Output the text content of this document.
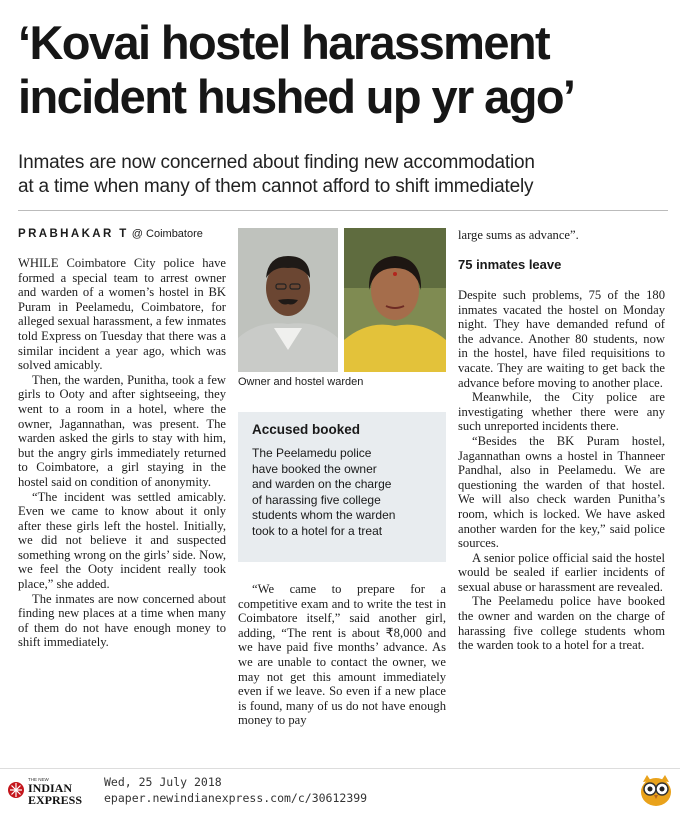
‘Kovai hostel harassment
incident hushed up yr ago’
Inmates are now concerned about finding new accommodation
at a time when many of them cannot afford to shift immediately
PRABHAKAR T @ Coimbatore

WHILE Coimbatore City police have formed a special team to arrest owner and warden of a women’s hostel in BK Puram in Peelamedu, Coimbatore, for alleged sexual harassment, a few inmates told Express on Tuesday that there was a similar incident a year ago, which was solved amicably.

Then, the warden, Punitha, took a few girls to Ooty and after sightseeing, they went to a room in a hotel, where the owner, Jagannathan, was present. The warden asked the girls to stay with him, but the angry girls immediately returned to Coimbatore, a girl staying in the hostel said on condition of anonymity.

“The incident was settled amicably. Even we came to know about it only after these girls left the hostel. Initially, we did not believe it and suspected something wrong on the girls’ side. Now, we feel the Ooty incident really took place,” she added.

The inmates are now concerned about finding new places at a time when many of them do not have enough money to shift immediately.

Owner and hostel warden
Accused booked
The Peelamedu police
have booked the owner
and warden on the charge
of harassing five college
students whom the warden
took to a hotel for a treat

“We came to prepare for a competitive exam and to write the test in Coimbatore itself,” said another girl, adding, “The rent is about ₹8,000 and we have paid five months’ advance. As we are unable to contact the owner, we may not get this amount immediately even if we leave. So even if a new place is found, many of us do not have enough money to pay

large sums as advance”.
75 inmates leave

Despite such problems, 75 of the 180 inmates vacated the hostel on Monday night. They have demanded refund of the advance. Another 80 students, now in the hostel, have filed requisitions to vacate. They are waiting to get back the advance before moving to another place.

Meanwhile, the City police are investigating whether there were any such unreported incidents there.

“Besides the BK Puram hostel, Jagannathan owns a hostel in Thanneer Pandhal, also in Peelamedu. We are questioning the warden of that hostel. We will also check warden Punitha’s room, which is locked. We have asked another warden for the key,” said police sources.

A senior police official said the hostel would be sealed if earlier incidents of sexual abuse or harassment are revealed.

The Peelamedu police have booked the owner and warden on the charge of harassing five college students whom the warden took to a hotel for a treat.

THE NEW
INDIAN
EXPRESS
Wed, 25 July 2018
epaper.newindianexpress.com/c/30612399
